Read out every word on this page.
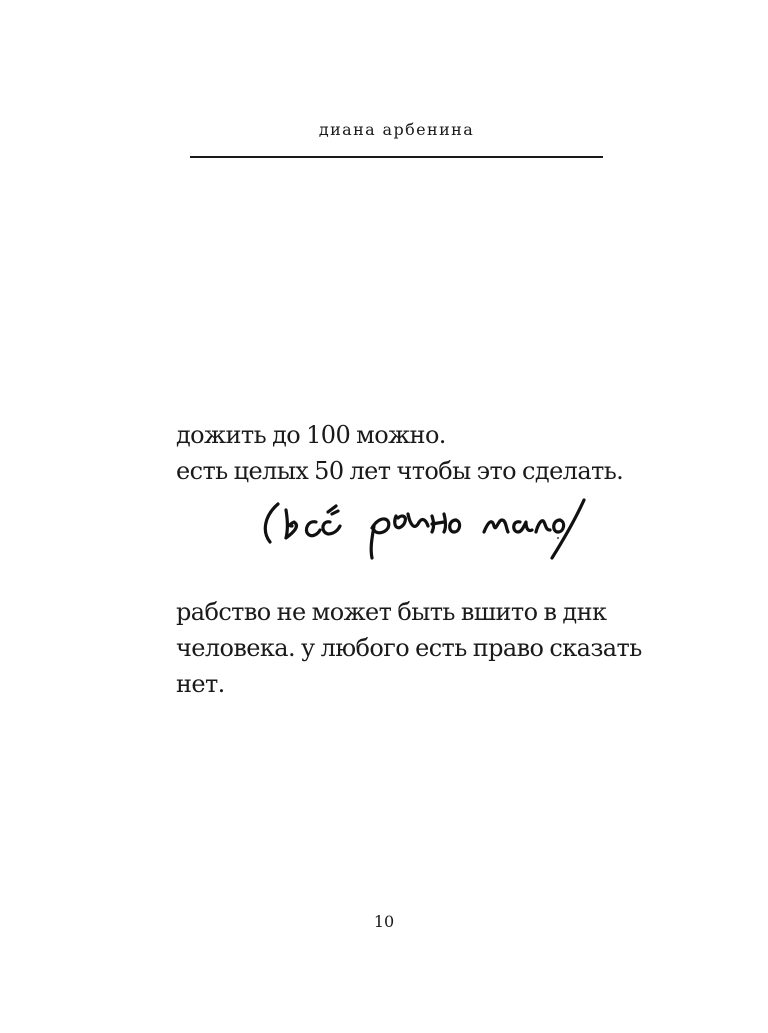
диана арбенина

дожить до 100 можно.

есть целых 50 лет чтобы это сделать.

рабство не может быть вшито в днк

человека. у любого есть право сказать

нет.

10
